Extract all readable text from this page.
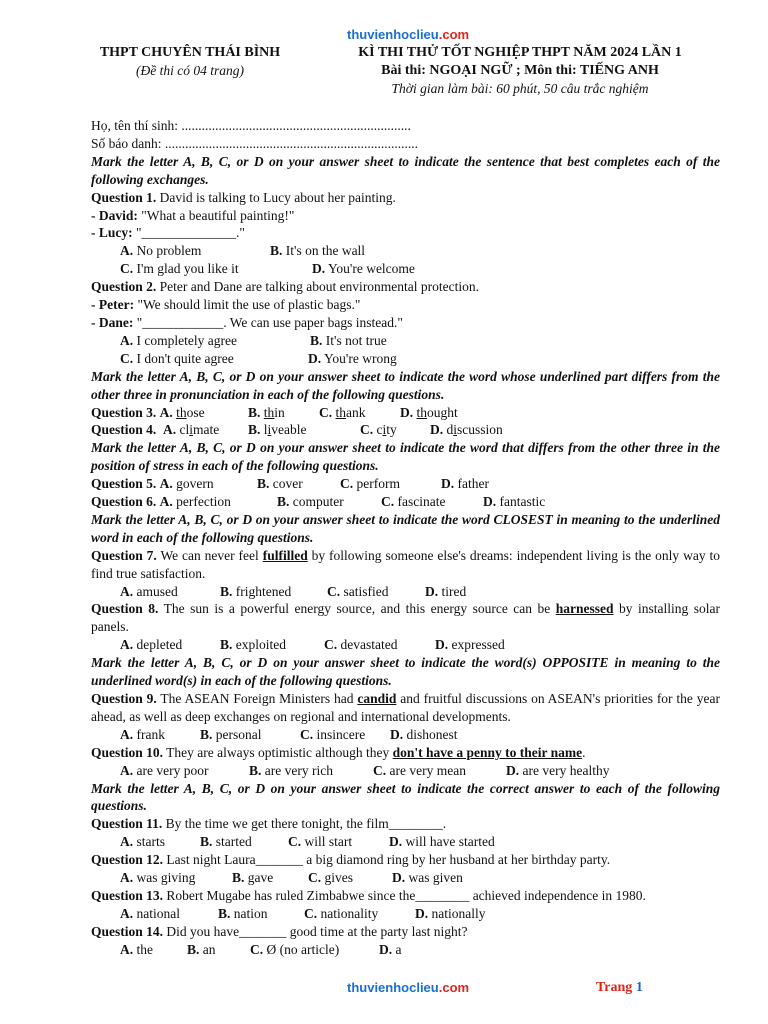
thuvienhoclieu.com
THPT CHUYÊN THÁI BÌNH
(Đề thi có 04 trang)
KÌ THI THỬ TỐT NGHIỆP THPT NĂM 2024 LẦN 1
Bài thi: NGOẠI NGỮ ; Môn thi: TIẾNG ANH
Thời gian làm bài: 60 phút, 50 câu trắc nghiệm
Họ, tên thí sinh: ....................................................................
Số báo danh: ...........................................................................
Mark the letter A, B, C, or D on your answer sheet to indicate the sentence that best completes each of the following exchanges.
Question 1. David is talking to Lucy about her painting.
- David: "What a beautiful painting!"
- Lucy: "______________."
A. No problem	B. It's on the wall
C. I'm glad you like it	D. You're welcome
Question 2. Peter and Dane are talking about environmental protection.
- Peter: "We should limit the use of plastic bags."
- Dane: "____________. We can use paper bags instead."
A. I completely agree	B. It's not true
C. I don't quite agree	D. You're wrong
Mark the letter A, B, C, or D on your answer sheet to indicate the word whose underlined part differs from the other three in pronunciation in each of the following questions.
Question 3. A. those	B. thin	C. thank	D. thought
Question 4. A. climate B. liveable	C. city D. discussion
Mark the letter A, B, C, or D on your answer sheet to indicate the word that differs from the other three in the position of stress in each of the following questions.
Question 5. A. govern	B. cover	C. perform	D. father
Question 6. A. perfection	B. computer	C. fascinate	D. fantastic
Mark the letter A, B, C, or D on your answer sheet to indicate the word CLOSEST in meaning to the underlined word in each of the following questions.
Question 7. We can never feel fulfilled by following someone else's dreams: independent living is the only way to find true satisfaction.
A. amused	B. frightened	C. satisfied	D. tired
Question 8. The sun is a powerful energy source, and this energy source can be harnessed by installing solar panels.
A. depleted	B. exploited	C. devastated	D. expressed
Mark the letter A, B, C, or D on your answer sheet to indicate the word(s) OPPOSITE in meaning to the underlined word(s) in each of the following questions.
Question 9. The ASEAN Foreign Ministers had candid and fruitful discussions on ASEAN's priorities for the year ahead, as well as deep exchanges on regional and international developments.
A. frank	B. personal	C. insincere D. dishonest
Question 10. They are always optimistic although they don't have a penny to their name.
A. are very poor	B. are very rich	C. are very mean	D. are very healthy
Mark the letter A, B, C, or D on your answer sheet to indicate the correct answer to each of the following questions.
Question 11. By the time we get there tonight, the film________.
A. starts	B. started	C. will start	D. will have started
Question 12. Last night Laura_______ a big diamond ring by her husband at her birthday party.
A. was giving	B. gave	C. gives	D. was given
Question 13. Robert Mugabe has ruled Zimbabwe since the________ achieved independence in 1980.
A. national	B. nation	C. nationality	D. nationally
Question 14. Did you have_______ good time at the party last night?
A. the	B. an	C. Ø (no article)	D. a
thuvienhoclieu.com	Trang 1
